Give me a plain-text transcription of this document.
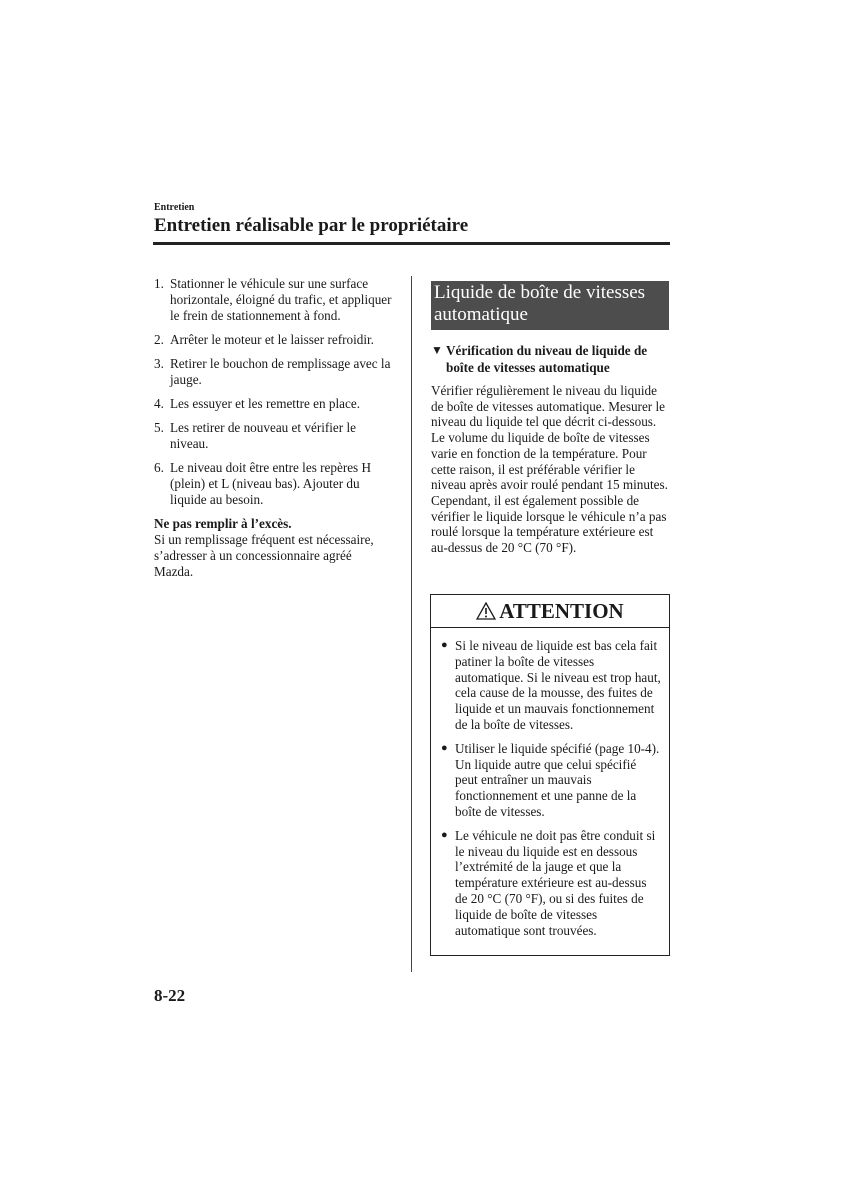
Entretien
Entretien réalisable par le propriétaire
1. Stationner le véhicule sur une surface horizontale, éloigné du trafic, et appliquer le frein de stationnement à fond.
2. Arrêter le moteur et le laisser refroidir.
3. Retirer le bouchon de remplissage avec la jauge.
4. Les essuyer et les remettre en place.
5. Les retirer de nouveau et vérifier le niveau.
6. Le niveau doit être entre les repères H (plein) et L (niveau bas). Ajouter du liquide au besoin.
Ne pas remplir à l’excès.
Si un remplissage fréquent est nécessaire, s’adresser à un concessionnaire agréé Mazda.
Liquide de boîte de vitesses automatique
▼ Vérification du niveau de liquide de boîte de vitesses automatique
Vérifier régulièrement le niveau du liquide de boîte de vitesses automatique. Mesurer le niveau du liquide tel que décrit ci-dessous.
Le volume du liquide de boîte de vitesses varie en fonction de la température. Pour cette raison, il est préférable vérifier le niveau après avoir roulé pendant 15 minutes. Cependant, il est également possible de vérifier le liquide lorsque le véhicule n’a pas roulé lorsque la température extérieure est au-dessus de 20 °C (70 °F).
ATTENTION
● Si le niveau de liquide est bas cela fait patiner la boîte de vitesses automatique. Si le niveau est trop haut, cela cause de la mousse, des fuites de liquide et un mauvais fonctionnement de la boîte de vitesses.
● Utiliser le liquide spécifié (page 10-4). Un liquide autre que celui spécifié peut entraîner un mauvais fonctionnement et une panne de la boîte de vitesses.
● Le véhicule ne doit pas être conduit si le niveau du liquide est en dessous l’extrémité de la jauge et que la température extérieure est au-dessus de 20 °C (70 °F), ou si des fuites de liquide de boîte de vitesses automatique sont trouvées.
8-22
